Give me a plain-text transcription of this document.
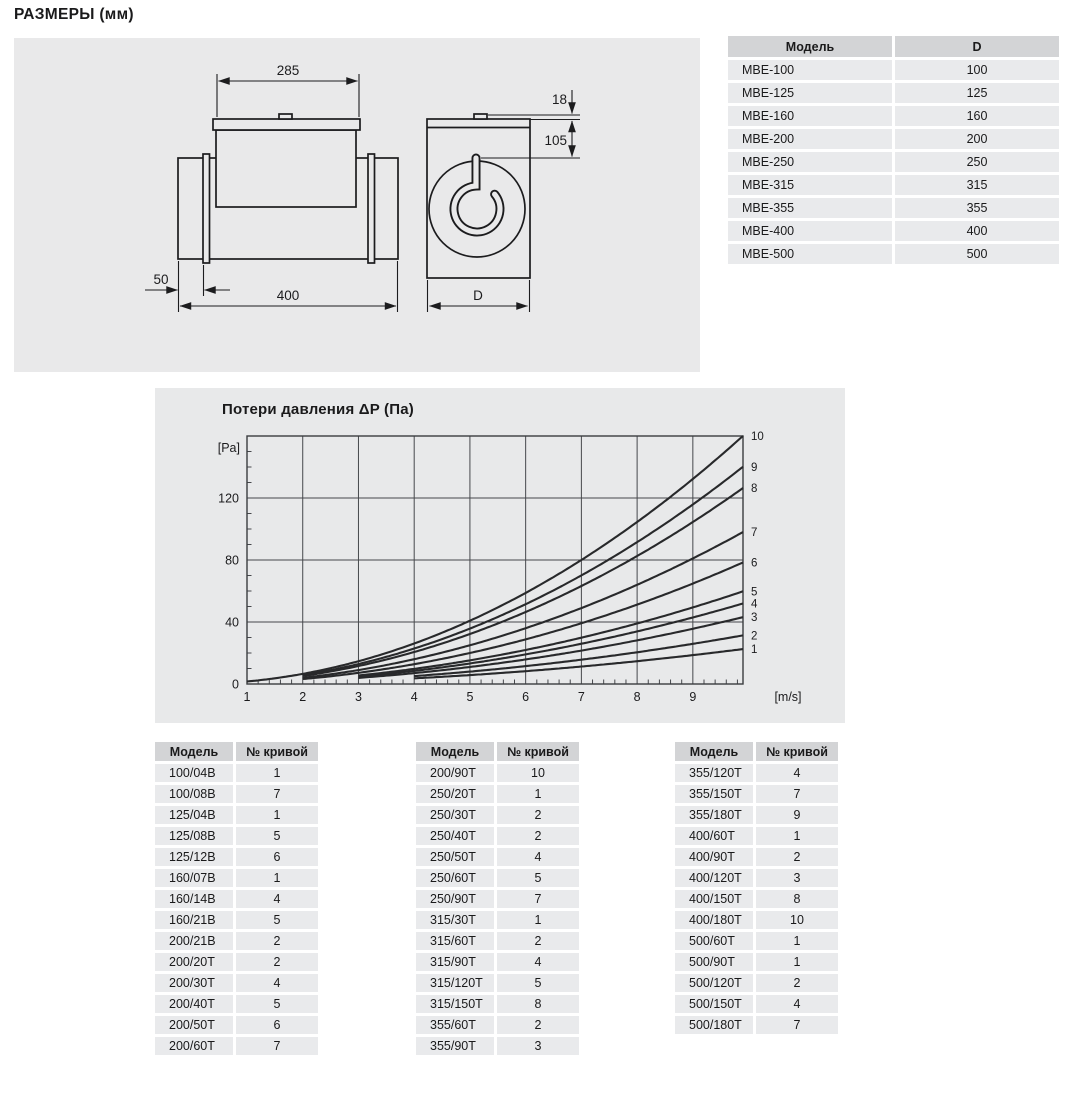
РАЗМЕРЫ (мм)
285
400
50
18
105
D
Модель	D
МВЕ-100	100
МВЕ-125	125
МВЕ-160	160
МВЕ-200	200
МВЕ-250	250
МВЕ-315	315
МВЕ-355	355
МВЕ-400	400
МВЕ-500	500
Потери давления ΔP (Па)
1
2
3
4
5
6
7
8
9
10
1	2	3	4	5	6	7	8	9
0
40
80
120
[Pa]
[m/s]
Модель	№ кривой
100/04В	1
100/08В	7
125/04В	1
125/08В	5
125/12В	6
160/07В	1
160/14В	4
160/21В	5
200/21В	2
200/20Т	2
200/30Т	4
200/40Т	5
200/50Т	6
200/60Т	7
Модель	№ кривой
200/90Т	10
250/20Т	1
250/30Т	2
250/40Т	2
250/50Т	4
250/60Т	5
250/90Т	7
315/30Т	1
315/60Т	2
315/90Т	4
315/120Т	5
315/150Т	8
355/60Т	2
355/90Т	3
Модель	№ кривой
355/120Т	4
355/150Т	7
355/180Т	9
400/60Т	1
400/90Т	2
400/120Т	3
400/150Т	8
400/180Т	10
500/60Т	1
500/90Т	1
500/120Т	2
500/150Т	4
500/180Т	7
